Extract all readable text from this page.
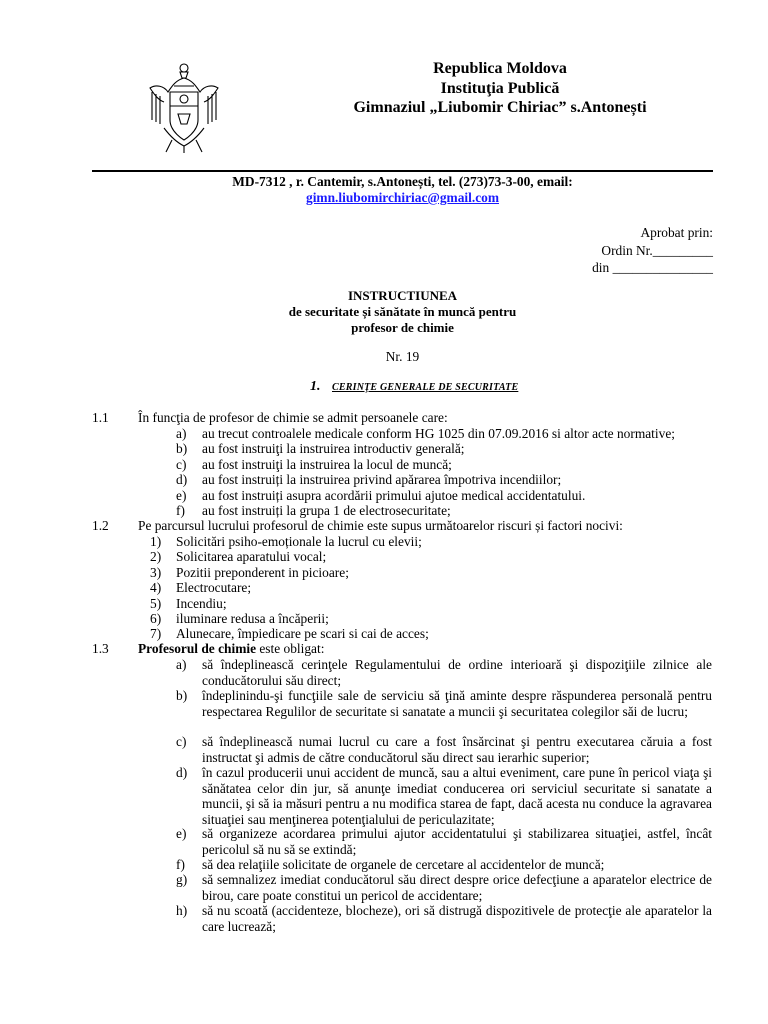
Republica Moldova
Instituţia Publică
Gimnaziul „Liubomir Chiriac” s.Antonești
MD-7312 , r. Cantemir, s.Antonești, tel. (273)73-3-00, email:
gimn.liubomirchiriac@gmail.com
Aprobat prin:
Ordin Nr._________
din _______________
INSTRUCTIUNEA
de securitate și sănătate în muncă pentru
profesor de chimie
Nr. 19
1. CERINŢE GENERALE DE SECURITATE
1.1 În funcţia de profesor de chimie se admit persoanele care:
a) au trecut controalele medicale conform HG 1025 din 07.09.2016 si altor acte normative;
b) au fost instruiţi la instruirea introductiv generală;
c) au fost instruiţi la instruirea la locul de muncă;
d) au fost instruiți la instruirea privind apărarea împotriva incendiilor;
e) au fost instruiți asupra acordării primului ajutoe medical accidentatului.
f) au fost instruiți la grupa 1 de electrosecuritate;
1.2 Pe parcursul lucrului profesorul de chimie este supus următoarelor riscuri și factori nocivi:
1) Solicitări psiho-emoționale la lucrul cu elevii;
2) Solicitarea aparatului vocal;
3) Pozitii preponderent in picioare;
4) Electrocutare;
5) Incendiu;
6) iluminare redusa a încăperii;
7) Alunecare, împiedicare pe scari si cai de acces;
1.3 Profesorul de chimie este obligat:
a) să îndeplinească cerinţele Regulamentului de ordine interioară şi dispoziţiile zilnice ale conducătorului său direct;
b) îndeplinindu-şi funcţiile sale de serviciu să ţină aminte despre răspunderea personală pentru respectarea Regulilor de securitate si sanatate a muncii şi securitatea colegilor săi de lucru;
c) să îndeplinească numai lucrul cu care a fost însărcinat şi pentru executarea căruia a fost instructat şi admis de către conducătorul său direct sau ierarhic superior;
d) în cazul producerii unui accident de muncă, sau a altui eveniment, care pune în pericol viaţa şi sănătatea celor din jur, să anunţe imediat conducerea ori serviciul securitate si sanatate a muncii, şi să ia măsuri pentru a nu modifica starea de fapt, dacă acesta nu conduce la agravarea situaţiei sau menţinerea potenţialului de periculazitate;
e) să organizeze acordarea primului ajutor accidentatului şi stabilizarea situaţiei, astfel, încât pericolul să nu să se extindă;
f) să dea relaţiile solicitate de organele de cercetare al accidentelor de muncă;
g) să semnalizez imediat conducătorul său direct despre orice defecţiune a aparatelor electrice de birou, care poate constitui un pericol de accidentare;
h) să nu scoată (accidenteze, blocheze), ori să distrugă dispozitivele de protecţie ale aparatelor la care lucrează;
